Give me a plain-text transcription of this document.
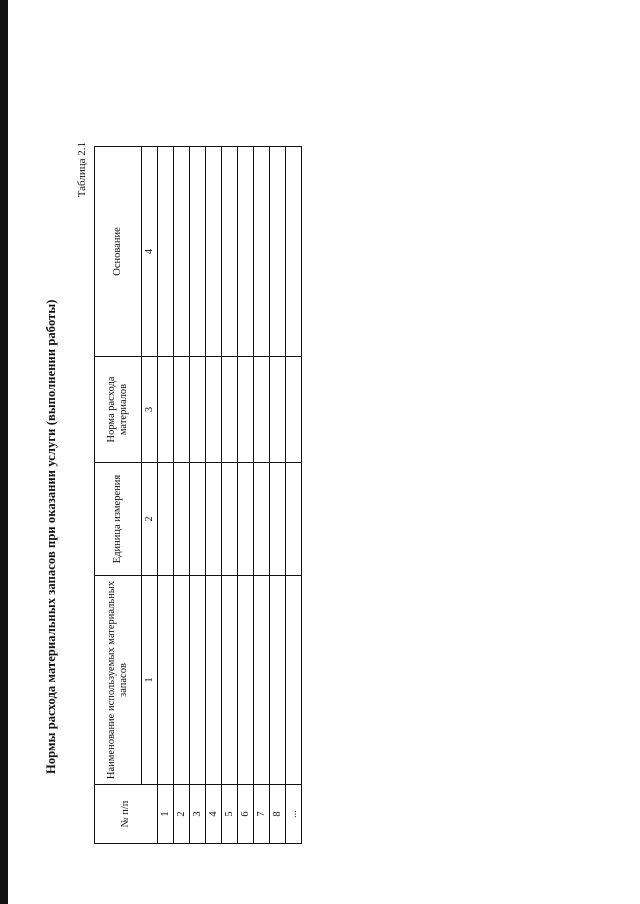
Нормы расхода материальных запасов при оказании услуги (выполнении работы)
Таблица 2.1
№ п/п	Наименование используемых материальных запасов	Единица измерения	Норма расхода материалов	Основание
	1	2	3	4
1				
2				
3				
4				
5				
6				
7				
8				
...				
